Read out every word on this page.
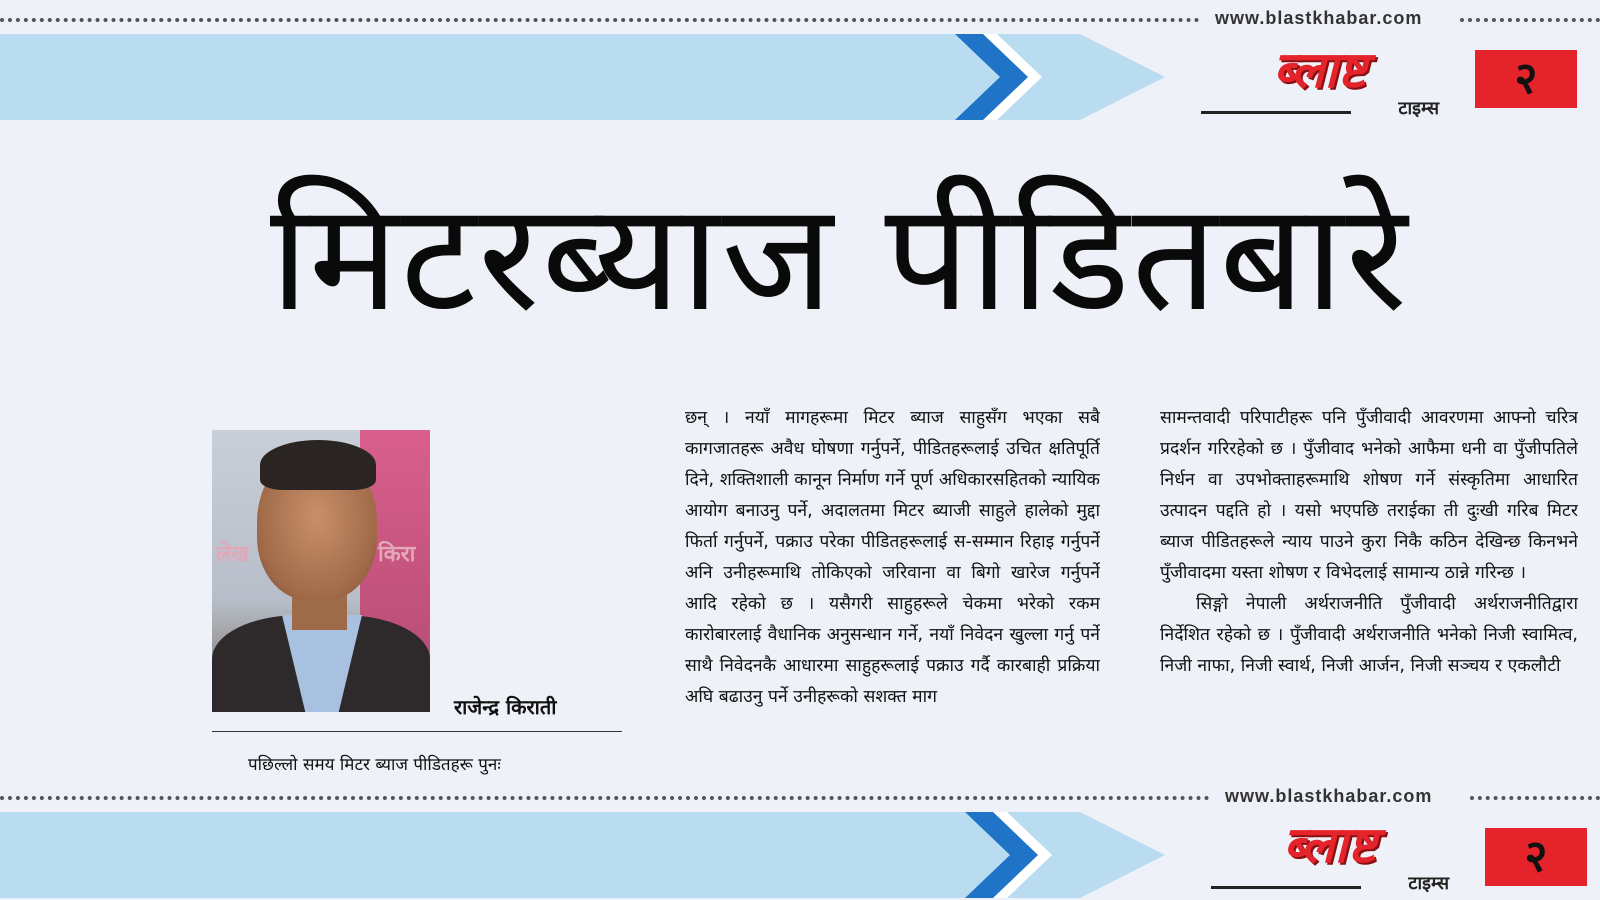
www.blastkhabar.com
ब्लाष्ट
टाइम्स
२
मिटरब्याज पीडितबारे
लेख	किरा
राजेन्द्र किराती
पछिल्लो समय मिटर ब्याज पीडितहरू पुनः

छन् । नयाँ मागहरूमा मिटर ब्याज साहुसँग भएका सबै कागजातहरू अवैध घोषणा गर्नुपर्ने, पीडितहरूलाई उचित क्षतिपूर्ति दिने, शक्तिशाली कानून निर्माण गर्ने पूर्ण अधिकारसहितको न्यायिक आयोग बनाउनु पर्ने, अदालतमा मिटर ब्याजी साहुले हालेको मुद्दा फिर्ता गर्नुपर्ने, पक्राउ परेका पीडितहरूलाई स-सम्मान रिहाइ गर्नुपर्ने अनि उनीहरूमाथि तोकिएको जरिवाना वा बिगो खारेज गर्नुपर्ने आदि रहेको छ । यसैगरी साहुहरूले चेकमा भरेको रकम कारोबारलाई वैधानिक अनुसन्धान गर्ने, नयाँ निवेदन खुल्ला गर्नु पर्ने साथै निवेदनकै आधारमा साहुहरूलाई पक्राउ गर्दै कारबाही प्रक्रिया अघि बढाउनु पर्ने उनीहरूको सशक्त माग

सामन्तवादी परिपाटीहरू पनि पुँजीवादी आवरणमा आफ्नो चरित्र प्रदर्शन गरिरहेको छ । पुँजीवाद भनेको आफैमा धनी वा पुँजीपतिले निर्धन वा उपभोक्ताहरूमाथि शोषण गर्ने संस्कृतिमा आधारित उत्पादन पद्दति हो । यसो भएपछि तराईका ती दुःखी गरिब मिटर ब्याज पीडितहरूले न्याय पाउने कुरा निकै कठिन देखिन्छ किनभने पुँजीवादमा यस्ता शोषण र विभेदलाई सामान्य ठान्ने गरिन्छ ।

सिङ्गो नेपाली अर्थराजनीति पुँजीवादी अर्थराजनीतिद्वारा निर्देशित रहेको छ । पुँजीवादी अर्थराजनीति भनेको निजी स्वामित्व, निजी नाफा, निजी स्वार्थ, निजी आर्जन, निजी सञ्चय र एकलौटी

www.blastkhabar.com
ब्लाष्ट
टाइम्स
२
